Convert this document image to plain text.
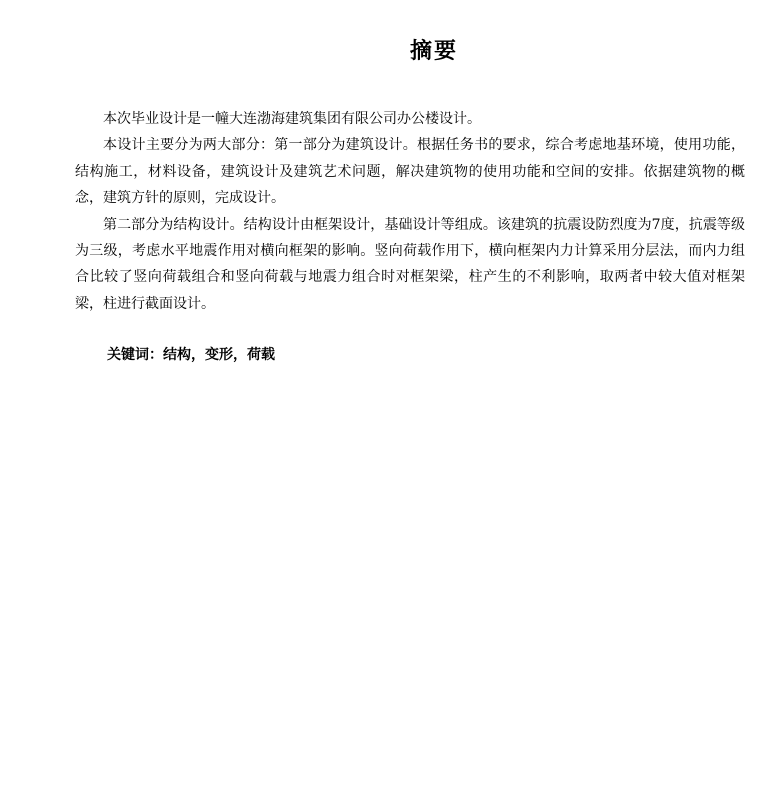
摘要

本次毕业设计是一幢大连渤海建筑集团有限公司办公楼设计。

本设计主要分为两大部分：第一部分为建筑设计。根据任务书的要求，综合考虑地基环境，使用功能，结构施工，材料设备，建筑设计及建筑艺术问题，解决建筑物的使用功能和空间的安排。依据建筑物的概念，建筑方针的原则，完成设计。

第二部分为结构设计。结构设计由框架设计，基础设计等组成。该建筑的抗震设防烈度为7度，抗震等级为三级，考虑水平地震作用对横向框架的影响。竖向荷载作用下，横向框架内力计算采用分层法，而内力组合比较了竖向荷载组合和竖向荷载与地震力组合时对框架梁，柱产生的不利影响，取两者中较大值对框架梁，柱进行截面设计。

关键词：结构，变形，荷载
